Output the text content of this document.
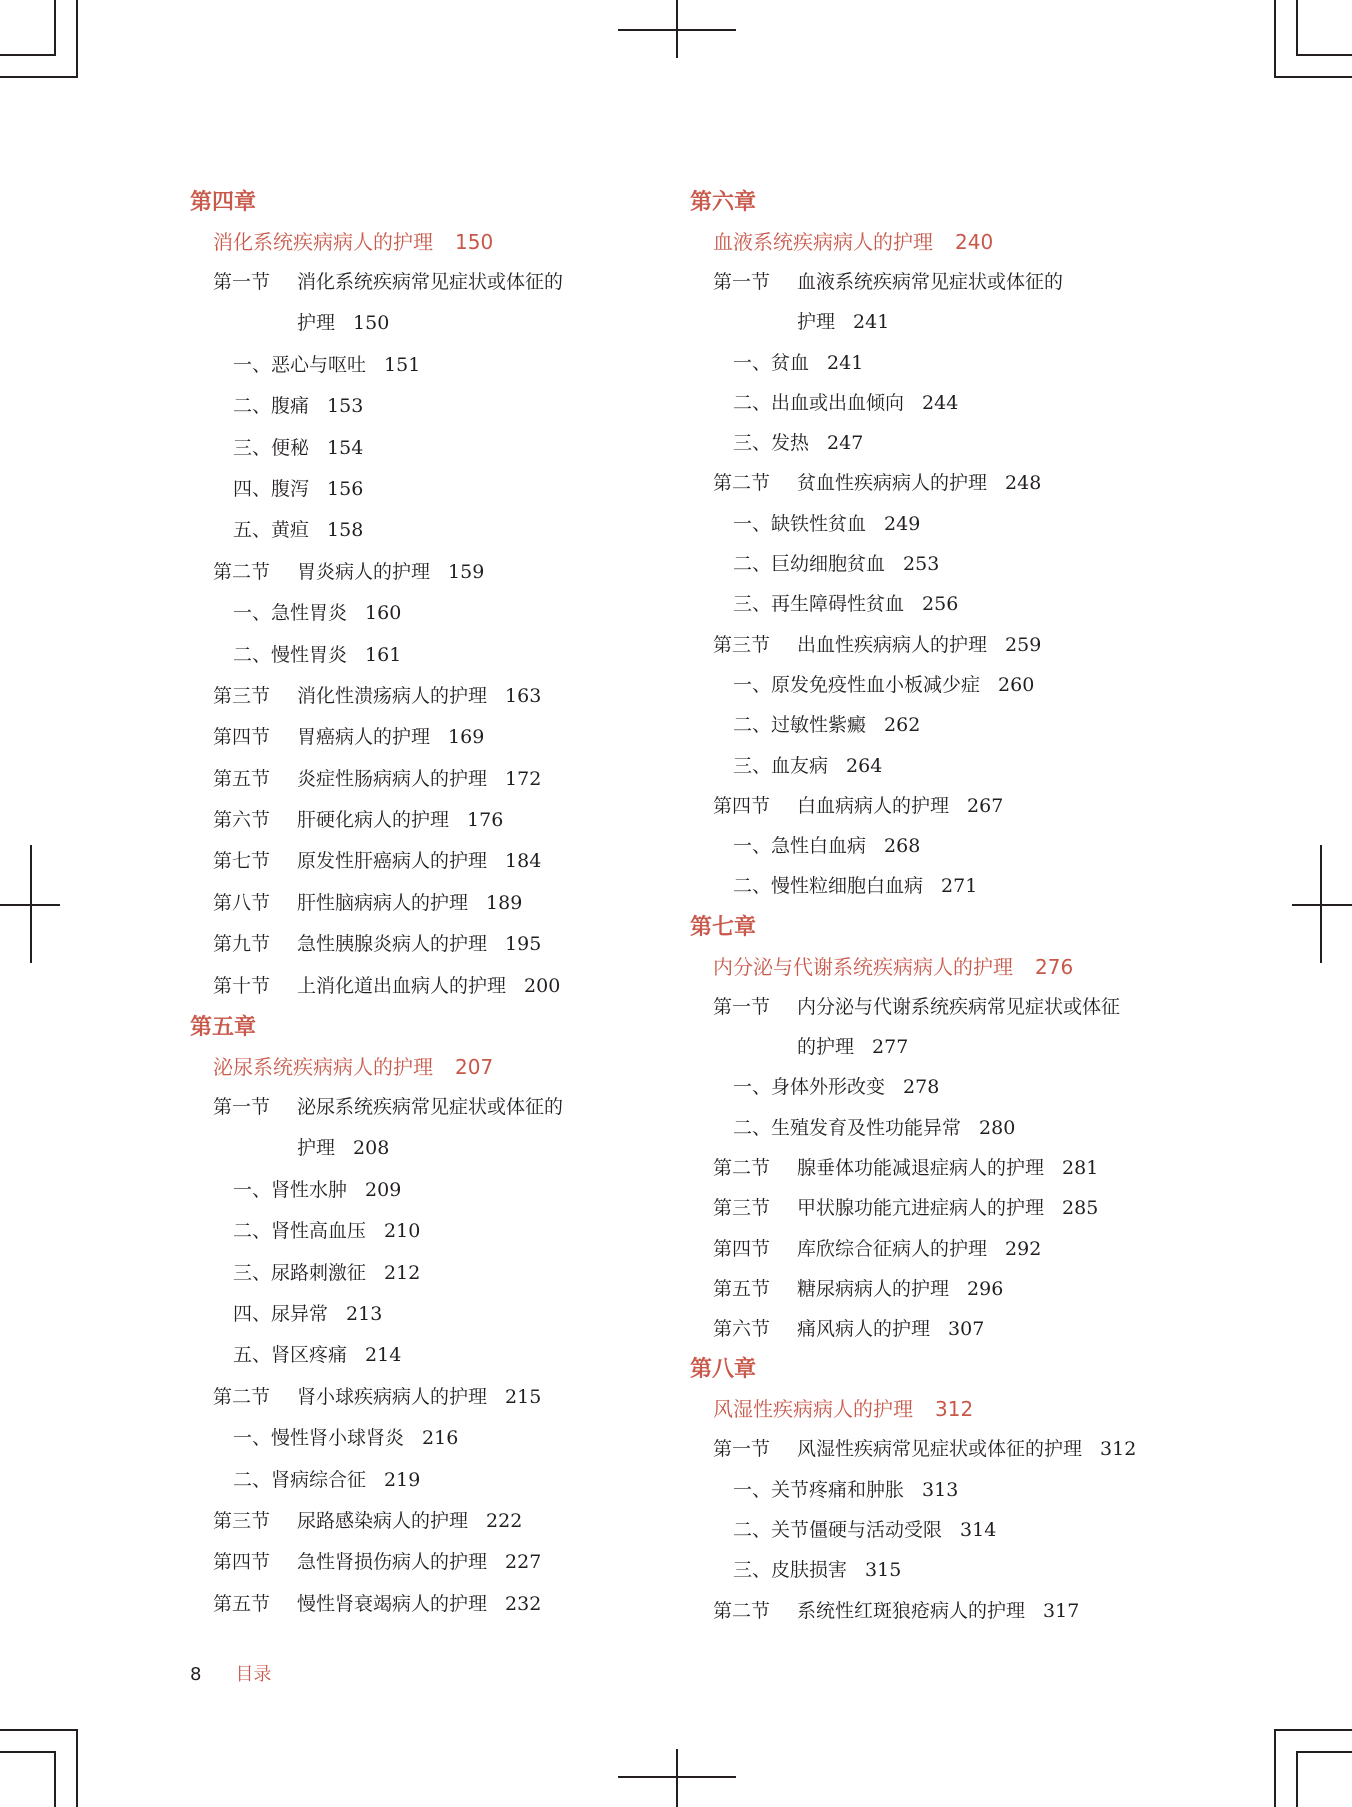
第四章
消化系统疾病病人的护理 150
第一节 消化系统疾病常见症状或体征的
护理 150
一、恶心与呕吐 151
二、腹痛 153
三、便秘 154
四、腹泻 156
五、黄疸 158
第二节 胃炎病人的护理 159
一、急性胃炎 160
二、慢性胃炎 161
第三节 消化性溃疡病人的护理 163
第四节 胃癌病人的护理 169
第五节 炎症性肠病病人的护理 172
第六节 肝硬化病人的护理 176
第七节 原发性肝癌病人的护理 184
第八节 肝性脑病病人的护理 189
第九节 急性胰腺炎病人的护理 195
第十节 上消化道出血病人的护理 200
第五章
泌尿系统疾病病人的护理 207
第一节 泌尿系统疾病常见症状或体征的
护理 208
一、肾性水肿 209
二、肾性高血压 210
三、尿路刺激征 212
四、尿异常 213
五、肾区疼痛 214
第二节 肾小球疾病病人的护理 215
一、慢性肾小球肾炎 216
二、肾病综合征 219
第三节 尿路感染病人的护理 222
第四节 急性肾损伤病人的护理 227
第五节 慢性肾衰竭病人的护理 232
第六章
血液系统疾病病人的护理 240
第一节 血液系统疾病常见症状或体征的
护理 241
一、贫血 241
二、出血或出血倾向 244
三、发热 247
第二节 贫血性疾病病人的护理 248
一、缺铁性贫血 249
二、巨幼细胞贫血 253
三、再生障碍性贫血 256
第三节 出血性疾病病人的护理 259
一、原发免疫性血小板减少症 260
二、过敏性紫癜 262
三、血友病 264
第四节 白血病病人的护理 267
一、急性白血病 268
二、慢性粒细胞白血病 271
第七章
内分泌与代谢系统疾病病人的护理 276
第一节 内分泌与代谢系统疾病常见症状或体征
的护理 277
一、身体外形改变 278
二、生殖发育及性功能异常 280
第二节 腺垂体功能减退症病人的护理 281
第三节 甲状腺功能亢进症病人的护理 285
第四节 库欣综合征病人的护理 292
第五节 糖尿病病人的护理 296
第六节 痛风病人的护理 307
第八章
风湿性疾病病人的护理 312
第一节 风湿性疾病常见症状或体征的护理 312
一、关节疼痛和肿胀 313
二、关节僵硬与活动受限 314
三、皮肤损害 315
第二节 系统性红斑狼疮病人的护理 317
8 目录
